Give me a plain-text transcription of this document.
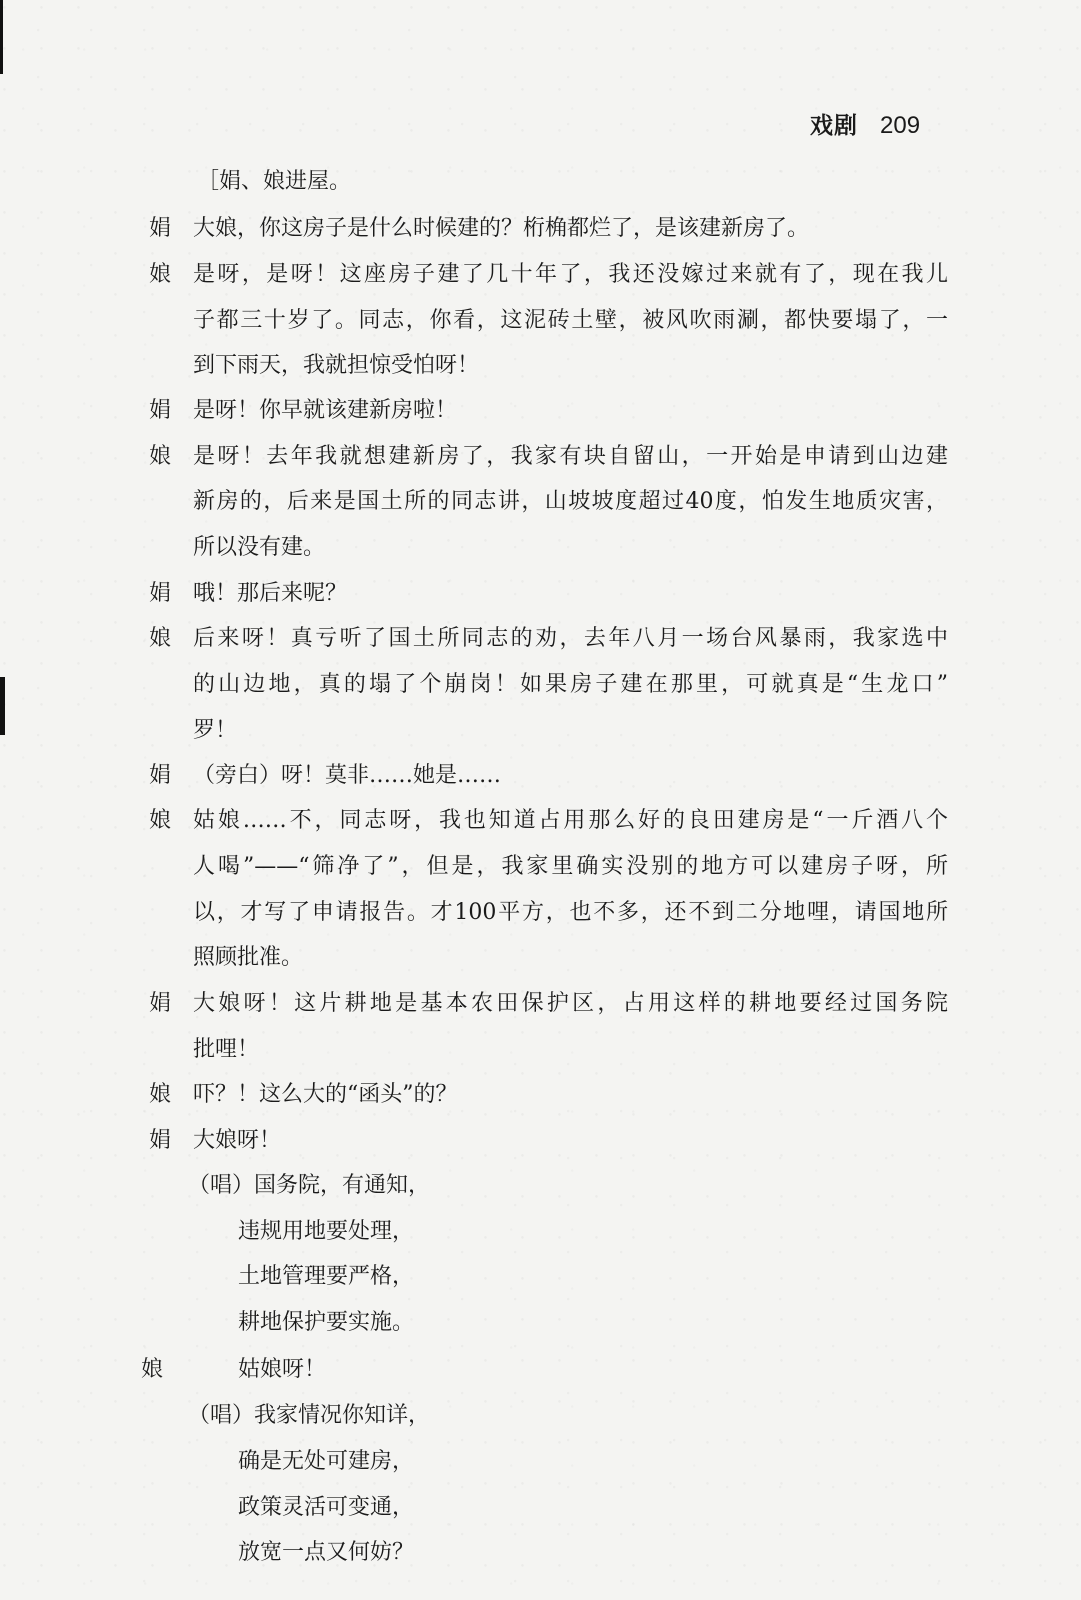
戏剧 209
［娟、娘进屋。
娟 大娘，你这房子是什么时候建的？桁桷都烂了，是该建新房了。
娘 是呀，是呀！这座房子建了几十年了，我还没嫁过来就有了，现在我儿
子都三十岁了。同志，你看，这泥砖土壁，被风吹雨涮，都快要塌了，一
到下雨天，我就担惊受怕呀！
娟 是呀！你早就该建新房啦！
娘 是呀！去年我就想建新房了，我家有块自留山，一开始是申请到山边建
新房的，后来是国土所的同志讲，山坡坡度超过40度，怕发生地质灾害，
所以没有建。
娟 哦！那后来呢？
娘 后来呀！真亏听了国土所同志的劝，去年八月一场台风暴雨，我家选中
的山边地，真的塌了个崩岗！如果房子建在那里，可就真是“生龙口”
罗！
娟 （旁白）呀！莫非……她是……
娘 姑娘……不，同志呀，我也知道占用那么好的良田建房是“一斤酒八个
人喝”——“筛净了”，但是，我家里确实没别的地方可以建房子呀，所
以，才写了申请报告。才100平方，也不多，还不到二分地哩，请国地所
照顾批准。
娟 大娘呀！这片耕地是基本农田保护区，占用这样的耕地要经过国务院
批哩！
娘 吓？！这么大的“函头”的？
娟 大娘呀！
（唱）国务院，有通知，
违规用地要处理，
土地管理要严格，
耕地保护要实施。
娘	姑娘呀！
（唱）我家情况你知详，
确是无处可建房，
政策灵活可变通，
放宽一点又何妨？
